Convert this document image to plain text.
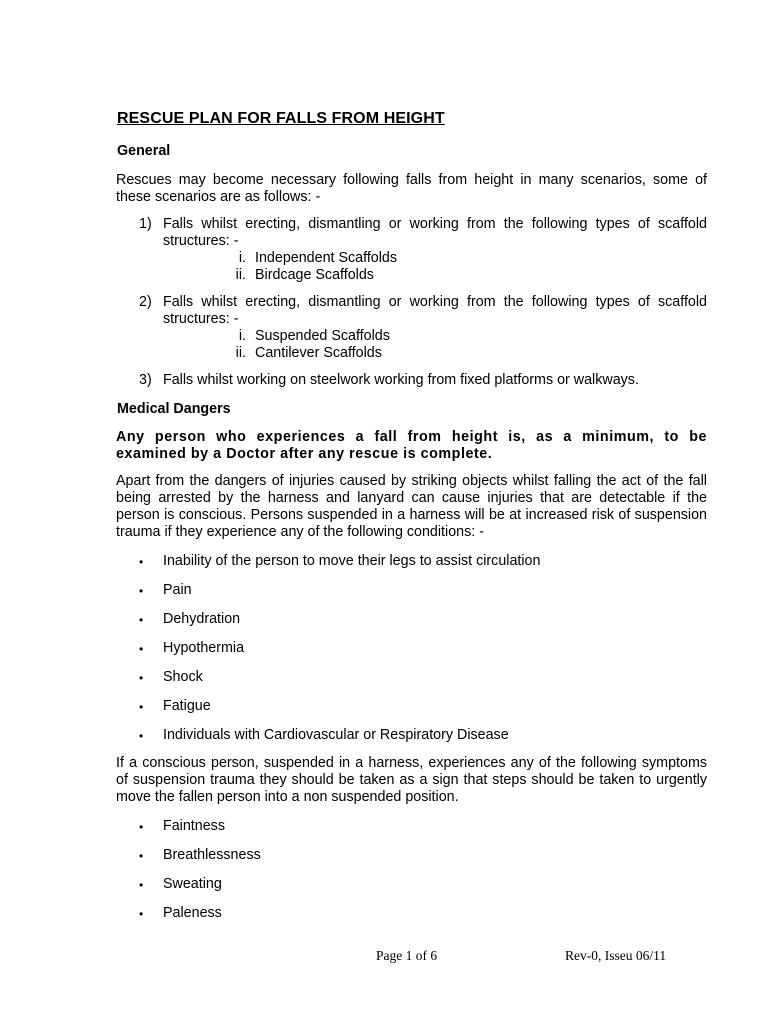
RESCUE PLAN FOR FALLS FROM HEIGHT
General

Rescues may become necessary following falls from height in many scenarios, some of these scenarios are as follows: -

1) Falls whilst erecting, dismantling or working from the following types of scaffold structures: -

i. Independent Scaffolds
ii. Birdcage Scaffolds
2) Falls whilst erecting, dismantling or working from the following types of scaffold structures: -

i. Suspended Scaffolds
ii. Cantilever Scaffolds
3) Falls whilst working on steelwork working from fixed platforms or walkways.

Medical Dangers

Any person who experiences a fall from height is, as a minimum, to be examined by a Doctor after any rescue is complete.

Apart from the dangers of injuries caused by striking objects whilst falling the act of the fall being arrested by the harness and lanyard can cause injuries that are detectable if the person is conscious. Persons suspended in a harness will be at increased risk of suspension trauma if they experience any of the following conditions: -

• Inability of the person to move their legs to assist circulation
• Pain
• Dehydration
• Hypothermia
• Shock
• Fatigue
• Individuals with Cardiovascular or Respiratory Disease

If a conscious person, suspended in a harness, experiences any of the following symptoms of suspension trauma they should be taken as a sign that steps should be taken to urgently move the fallen person into a non suspended position.

• Faintness
• Breathlessness
• Sweating
• Paleness
Page 1 of 6	Rev-0, Isseu 06/11
